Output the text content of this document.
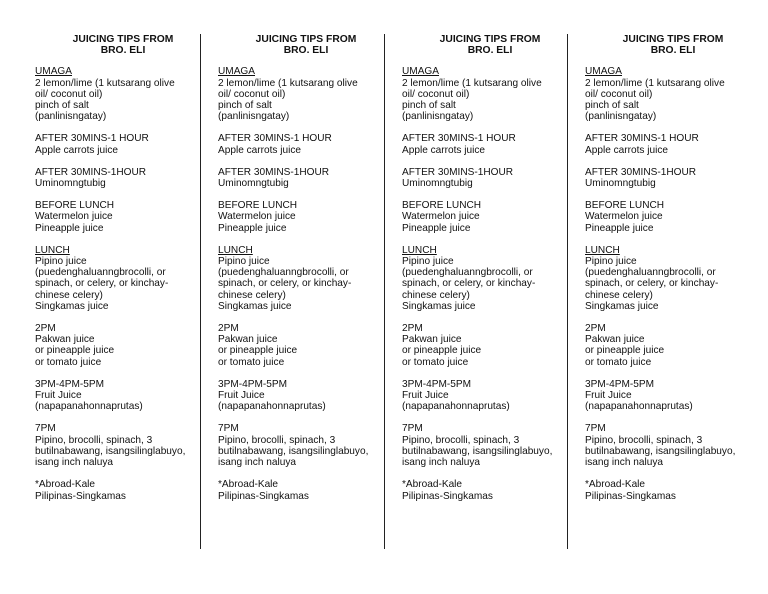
JUICING TIPS FROM
BRO. ELI
UMAGA
2 lemon/lime (1 kutsarang olive
oil/ coconut oil)
pinch of salt
(panlinisngatay)
AFTER 30MINS-1 HOUR
Apple carrots juice
AFTER 30MINS-1HOUR
Uminomngtubig
BEFORE LUNCH
Watermelon juice
Pineapple juice
LUNCH
Pipino juice
(puedenghaluanngbrocolli, or
spinach, or celery, or kinchay-
chinese celery)
Singkamas juice
2PM
Pakwan juice
or pineapple juice
or tomato juice
3PM-4PM-5PM
Fruit Juice
(napapanahonnaprutas)
7PM
Pipino, brocolli, spinach, 3
butilnabawang, isangsilinglabuyo,
isang inch naluya
*Abroad-Kale
Pilipinas-Singkamas
JUICING TIPS FROM
BRO. ELI
UMAGA
2 lemon/lime (1 kutsarang olive
oil/ coconut oil)
pinch of salt
(panlinisngatay)
AFTER 30MINS-1 HOUR
Apple carrots juice
AFTER 30MINS-1HOUR
Uminomngtubig
BEFORE LUNCH
Watermelon juice
Pineapple juice
LUNCH
Pipino juice
(puedenghaluanngbrocolli, or
spinach, or celery, or kinchay-
chinese celery)
Singkamas juice
2PM
Pakwan juice
or pineapple juice
or tomato juice
3PM-4PM-5PM
Fruit Juice
(napapanahonnaprutas)
7PM
Pipino, brocolli, spinach, 3
butilnabawang, isangsilinglabuyo,
isang inch naluya
*Abroad-Kale
Pilipinas-Singkamas
JUICING TIPS FROM
BRO. ELI
UMAGA
2 lemon/lime (1 kutsarang olive
oil/ coconut oil)
pinch of salt
(panlinisngatay)
AFTER 30MINS-1 HOUR
Apple carrots juice
AFTER 30MINS-1HOUR
Uminomngtubig
BEFORE LUNCH
Watermelon juice
Pineapple juice
LUNCH
Pipino juice
(puedenghaluanngbrocolli, or
spinach, or celery, or kinchay-
chinese celery)
Singkamas juice
2PM
Pakwan juice
or pineapple juice
or tomato juice
3PM-4PM-5PM
Fruit Juice
(napapanahonnaprutas)
7PM
Pipino, brocolli, spinach, 3
butilnabawang, isangsilinglabuyo,
isang inch naluya
*Abroad-Kale
Pilipinas-Singkamas
JUICING TIPS FROM
BRO. ELI
UMAGA
2 lemon/lime (1 kutsarang olive
oil/ coconut oil)
pinch of salt
(panlinisngatay)
AFTER 30MINS-1 HOUR
Apple carrots juice
AFTER 30MINS-1HOUR
Uminomngtubig
BEFORE LUNCH
Watermelon juice
Pineapple juice
LUNCH
Pipino juice
(puedenghaluanngbrocolli, or
spinach, or celery, or kinchay-
chinese celery)
Singkamas juice
2PM
Pakwan juice
or pineapple juice
or tomato juice
3PM-4PM-5PM
Fruit Juice
(napapanahonnaprutas)
7PM
Pipino, brocolli, spinach, 3
butilnabawang, isangsilinglabuyo,
isang inch naluya
*Abroad-Kale
Pilipinas-Singkamas
